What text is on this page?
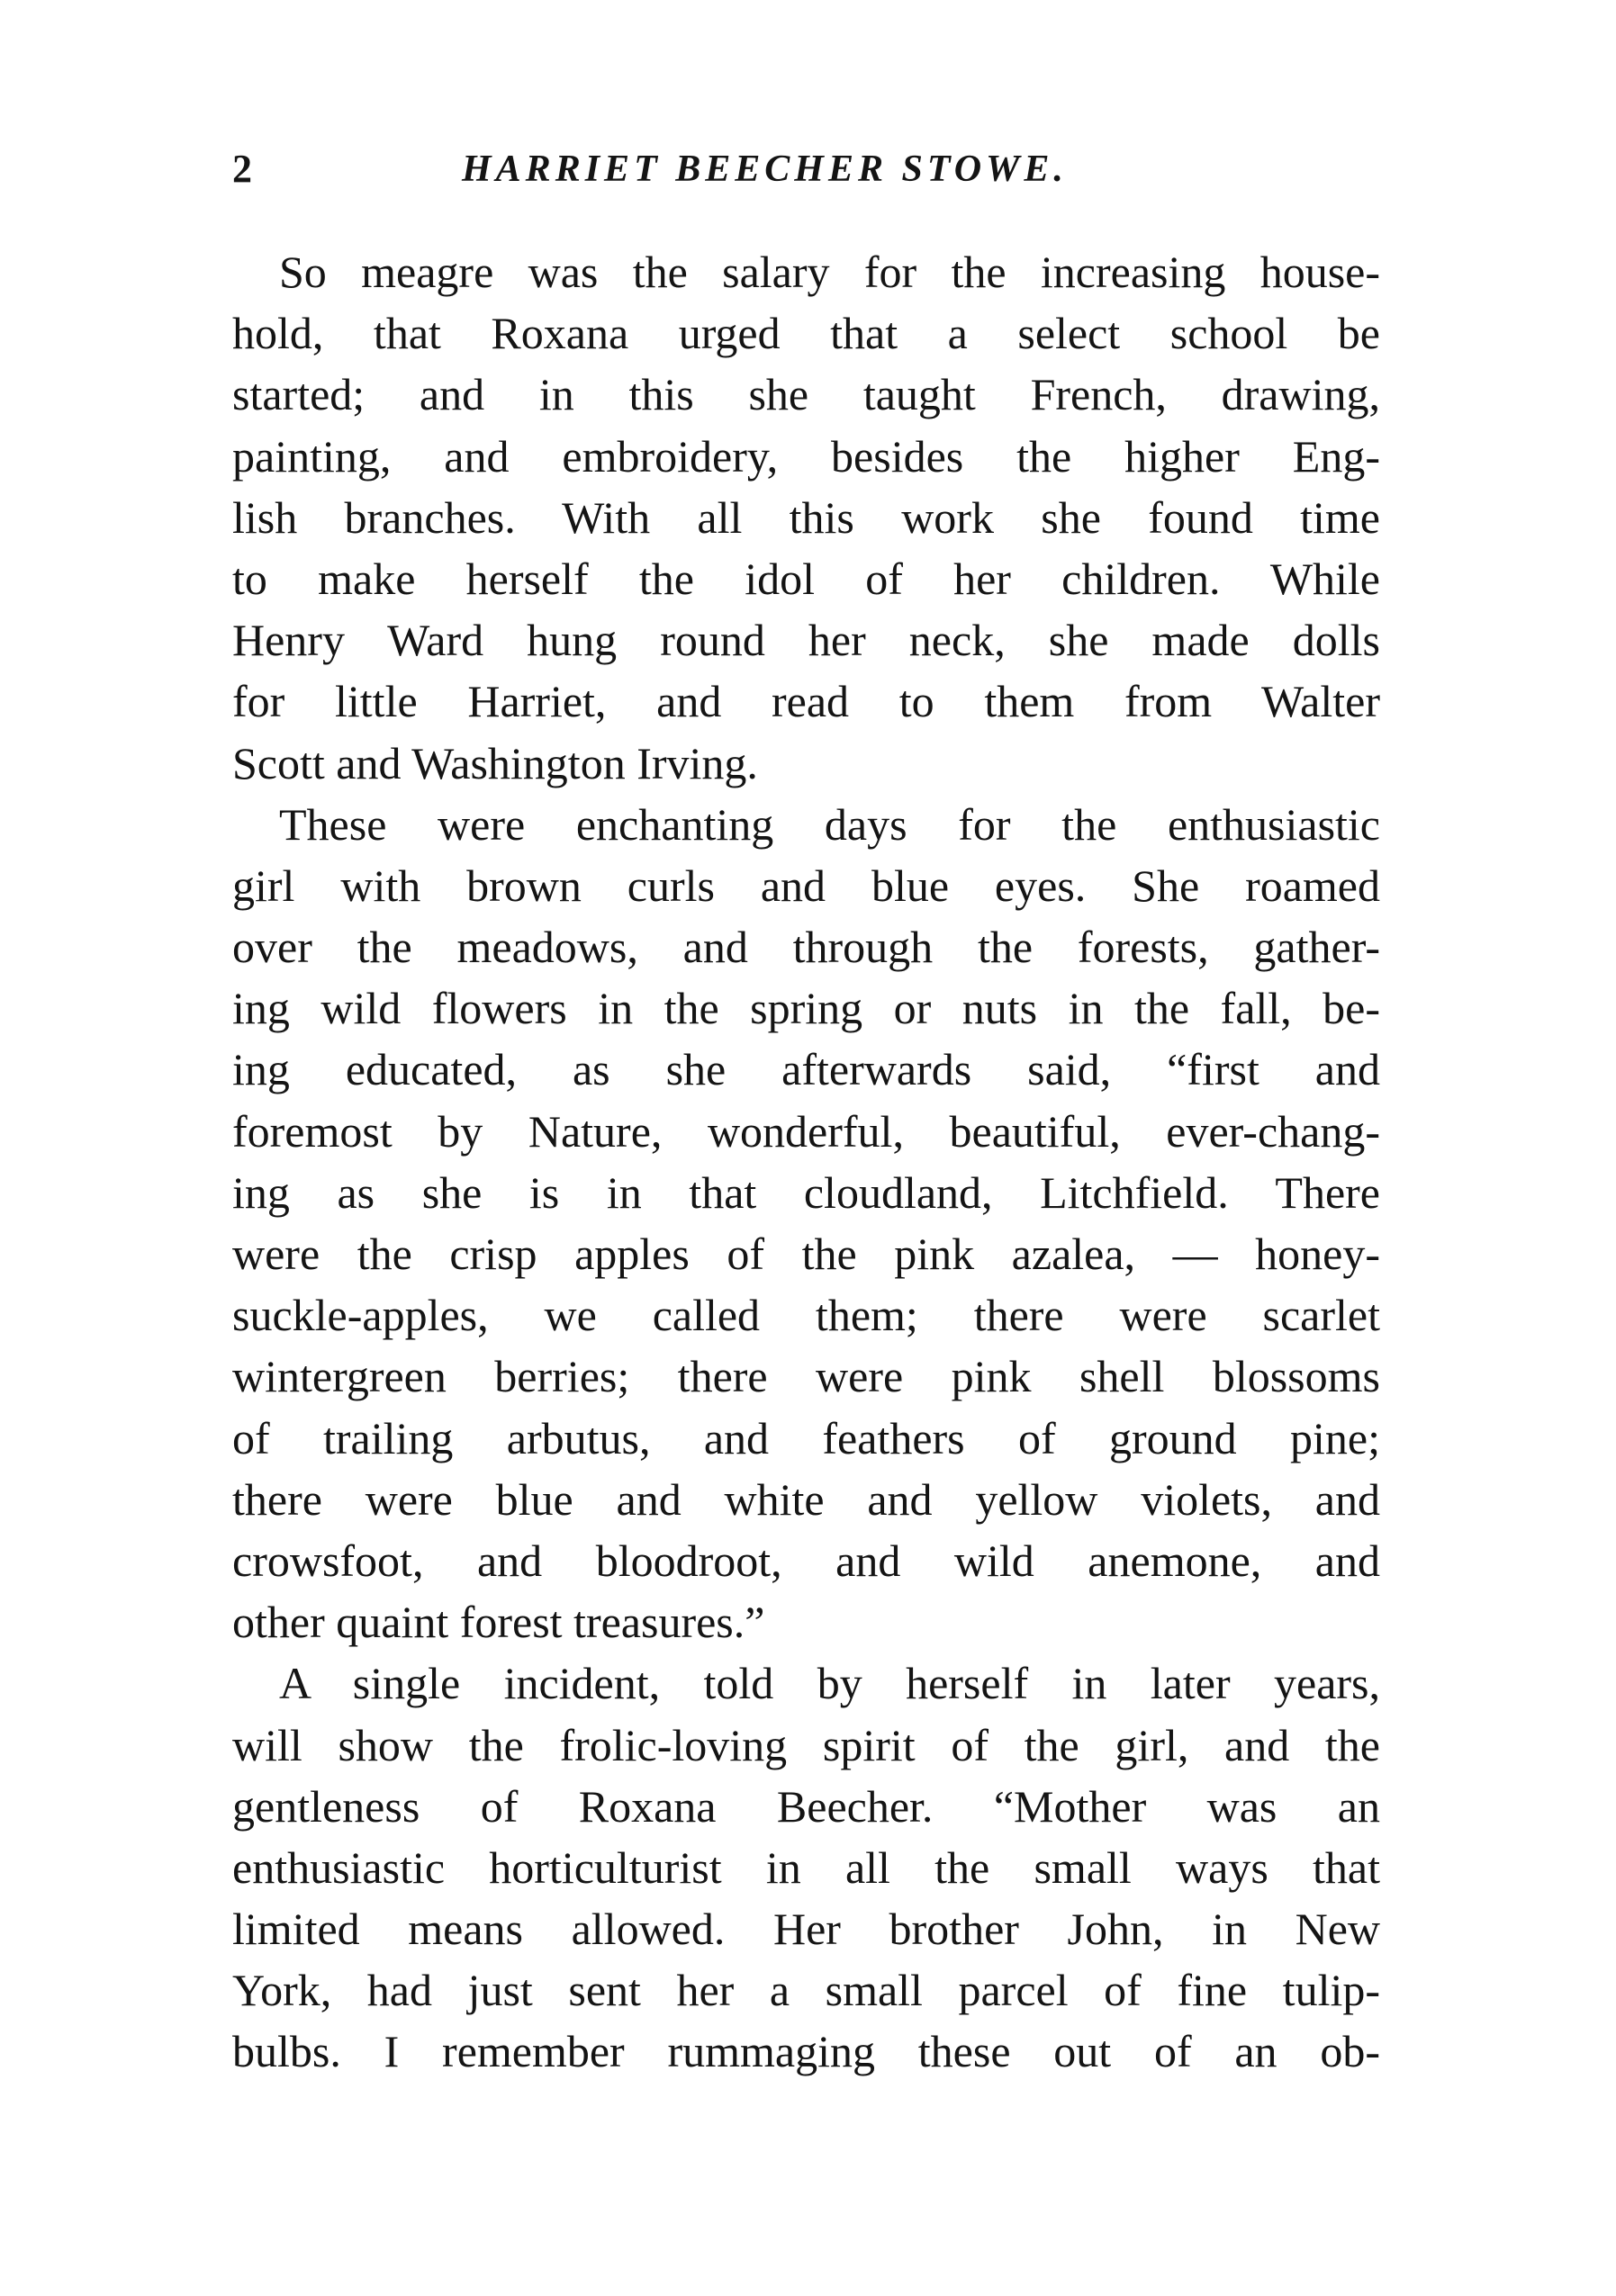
2	HARRIET BEECHER STOWE.
So meagre was the salary for the increasing house-
hold, that Roxana urged that a select school be
started; and in this she taught French, drawing,
painting, and embroidery, besides the higher Eng-
lish branches. With all this work she found time
to make herself the idol of her children. While
Henry Ward hung round her neck, she made dolls
for little Harriet, and read to them from Walter
Scott and Washington Irving.
These were enchanting days for the enthusiastic
girl with brown curls and blue eyes. She roamed
over the meadows, and through the forests, gather-
ing wild flowers in the spring or nuts in the fall, be-
ing educated, as she afterwards said, “first and
foremost by Nature, wonderful, beautiful, ever-chang-
ing as she is in that cloudland, Litchfield. There
were the crisp apples of the pink azalea, — honey-
suckle-apples, we called them; there were scarlet
wintergreen berries; there were pink shell blossoms
of trailing arbutus, and feathers of ground pine;
there were blue and white and yellow violets, and
crowsfoot, and bloodroot, and wild anemone, and
other quaint forest treasures.”
A single incident, told by herself in later years,
will show the frolic-loving spirit of the girl, and the
gentleness of Roxana Beecher. “Mother was an
enthusiastic horticulturist in all the small ways that
limited means allowed. Her brother John, in New
York, had just sent her a small parcel of fine tulip-
bulbs. I remember rummaging these out of an ob-
